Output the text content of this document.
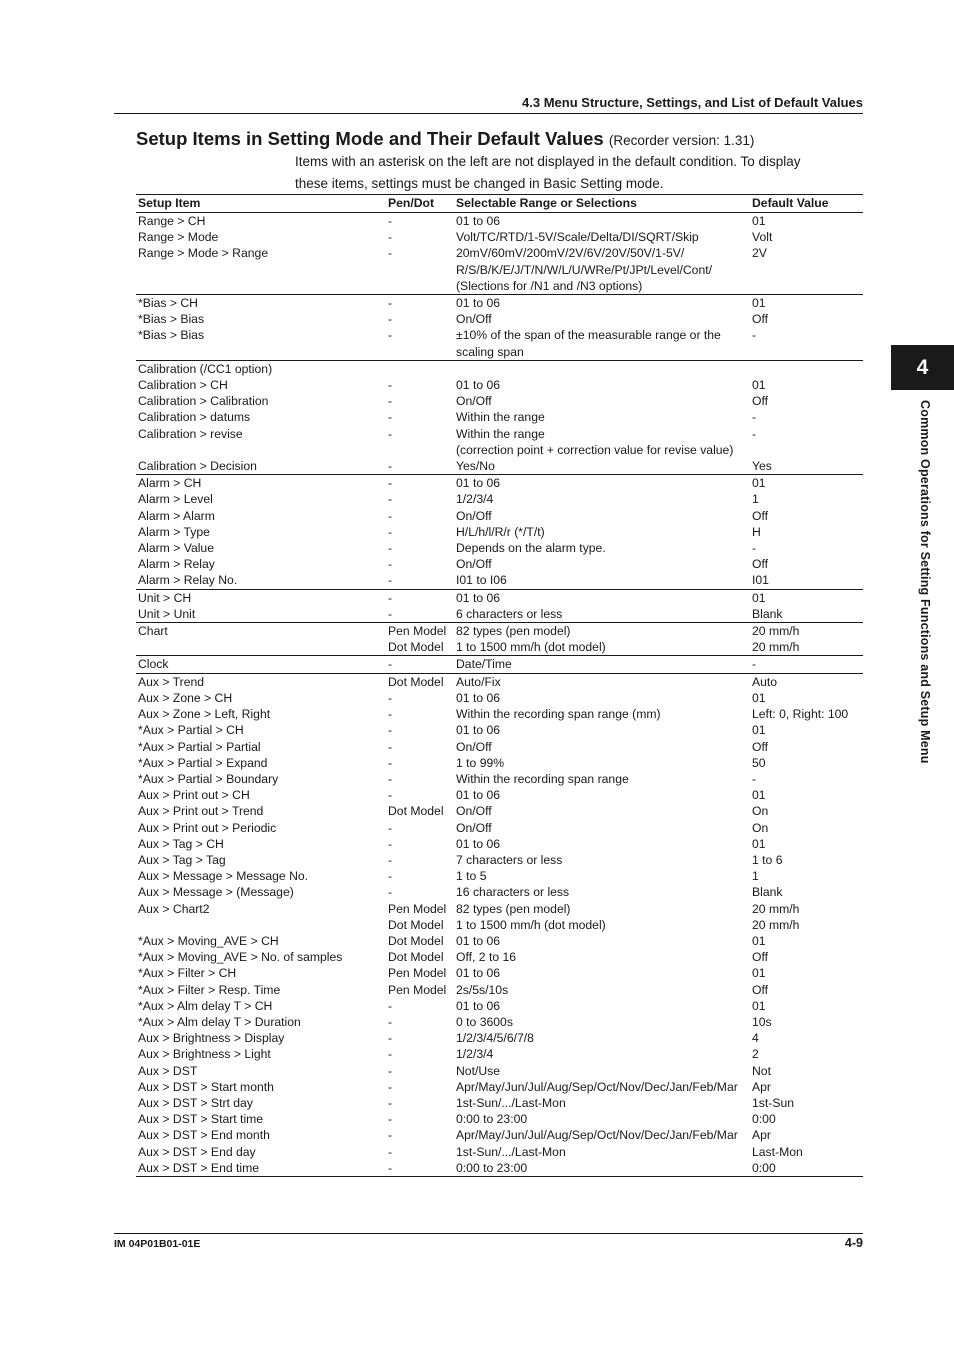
4.3 Menu Structure, Settings, and List of Default Values
Setup Items in Setting Mode and Their Default Values (Recorder version: 1.31)
Items with an asterisk on the left are not displayed in the default condition. To display
these items, settings must be changed in Basic Setting mode.
Setup Item	Pen/Dot	Selectable Range or Selections	Default Value
Range > CH	-	01 to 06	01
Range > Mode	-	Volt/TC/RTD/1-5V/Scale/Delta/DI/SQRT/Skip	Volt
Range > Mode > Range	-	20mV/60mV/200mV/2V/6V/20V/50V/1-5V/	2V
		R/S/B/K/E/J/T/N/W/L/U/WRe/Pt/JPt/Level/Cont/	
		(Slections for /N1 and /N3 options)	
*Bias > CH	-	01 to 06	01
*Bias > Bias	-	On/Off	Off
*Bias > Bias	-	±10% of the span of the measurable range or the	-
		scaling span	
Calibration (/CC1 option)			
Calibration > CH	-	01 to 06	01
Calibration > Calibration	-	On/Off	Off
Calibration > datums	-	Within the range	-
Calibration > revise	-	Within the range	-
		(correction point + correction value for revise value)	
Calibration > Decision	-	Yes/No	Yes
Alarm > CH	-	01 to 06	01
Alarm > Level	-	1/2/3/4	1
Alarm > Alarm	-	On/Off	Off
Alarm > Type	-	H/L/h/l/R/r (*/T/t)	H
Alarm > Value	-	Depends on the alarm type.	-
Alarm > Relay	-	On/Off	Off
Alarm > Relay No.	-	I01 to I06	I01
Unit > CH	-	01 to 06	01
Unit > Unit	-	6 characters or less	Blank
Chart	Pen Model	82 types (pen model)	20 mm/h
	Dot Model	1 to 1500 mm/h (dot model)	20 mm/h
Clock	-	Date/Time	-
Aux > Trend	Dot Model	Auto/Fix	Auto
Aux > Zone > CH	-	01 to 06	01
Aux > Zone > Left, Right	-	Within the recording span range (mm)	Left: 0, Right: 100
*Aux > Partial > CH	-	01 to 06	01
*Aux > Partial > Partial	-	On/Off	Off
*Aux > Partial > Expand	-	1 to 99%	50
*Aux > Partial > Boundary	-	Within the recording span range	-
Aux > Print out > CH	-	01 to 06	01
Aux > Print out > Trend	Dot Model	On/Off	On
Aux > Print out > Periodic	-	On/Off	On
Aux > Tag > CH	-	01 to 06	01
Aux > Tag > Tag	-	7 characters or less	1 to 6
Aux > Message > Message No.	-	1 to 5	1
Aux > Message > (Message)	-	16 characters or less	Blank
Aux > Chart2	Pen Model	82 types (pen model)	20 mm/h
	Dot Model	1 to 1500 mm/h (dot model)	20 mm/h
*Aux > Moving_AVE > CH	Dot Model	01 to 06	01
*Aux > Moving_AVE > No. of samples	Dot Model	Off, 2 to 16	Off
*Aux > Filter > CH	Pen Model	01 to 06	01
*Aux > Filter > Resp. Time	Pen Model	2s/5s/10s	Off
*Aux > Alm delay T > CH	-	01 to 06	01
*Aux > Alm delay T > Duration	-	0 to 3600s	10s
Aux > Brightness > Display	-	1/2/3/4/5/6/7/8	4
Aux > Brightness > Light	-	1/2/3/4	2
Aux > DST	-	Not/Use	Not
Aux > DST > Start month	-	Apr/May/Jun/Jul/Aug/Sep/Oct/Nov/Dec/Jan/Feb/Mar	Apr
Aux > DST > Strt day	-	1st-Sun/.../Last-Mon	1st-Sun
Aux > DST > Start time	-	0:00 to 23:00	0:00
Aux > DST > End month	-	Apr/May/Jun/Jul/Aug/Sep/Oct/Nov/Dec/Jan/Feb/Mar	Apr
Aux > DST > End day	-	1st-Sun/.../Last-Mon	Last-Mon
Aux > DST > End time	-	0:00 to 23:00	0:00
IM 04P01B01-01E	4-9
4
Common Operations for Setting Functions and Setup Menu
